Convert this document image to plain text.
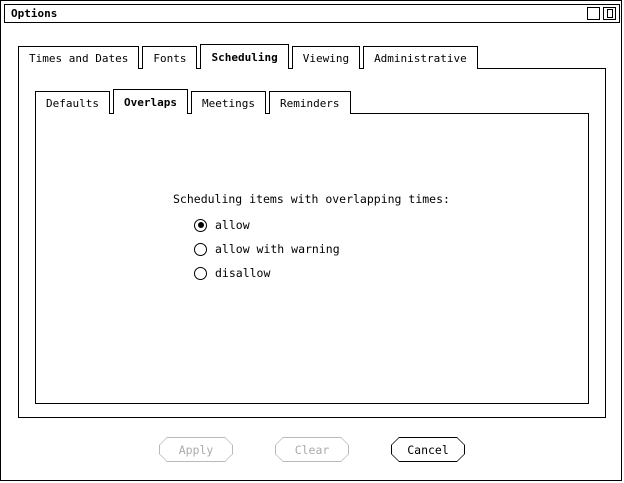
Options
Times and Dates Fonts Scheduling Viewing Administrative
Defaults Overlaps Meetings Reminders
Scheduling items with overlapping times:
allow
allow with warning
disallow
Apply	Clear	Cancel
